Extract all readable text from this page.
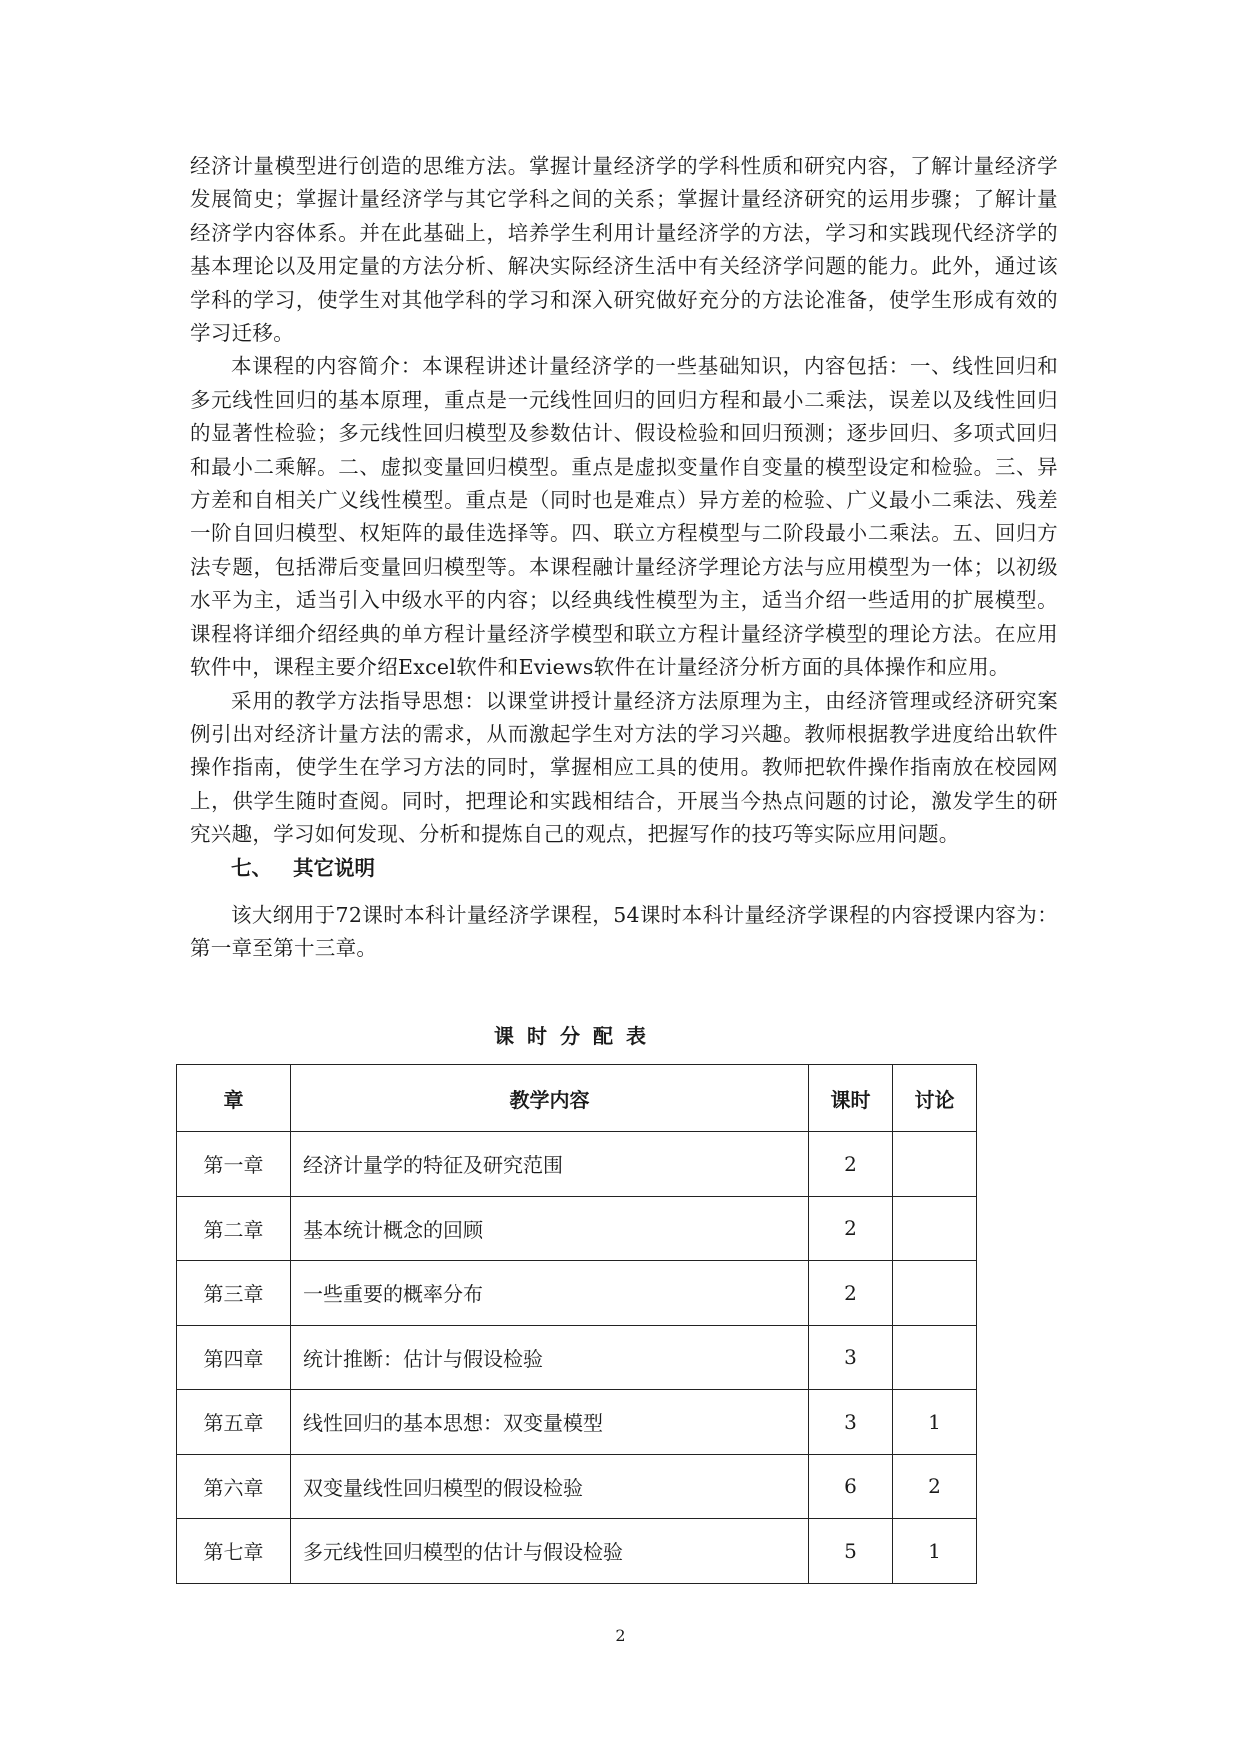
经济计量模型进行创造的思维方法。掌握计量经济学的学科性质和研究内容，了解计量经济学发展简史；掌握计量经济学与其它学科之间的关系；掌握计量经济研究的运用步骤；了解计量经济学内容体系。并在此基础上，培养学生利用计量经济学的方法，学习和实践现代经济学的基本理论以及用定量的方法分析、解决实际经济生活中有关经济学问题的能力。此外，通过该学科的学习，使学生对其他学科的学习和深入研究做好充分的方法论准备，使学生形成有效的学习迁移。

本课程的内容简介：本课程讲述计量经济学的一些基础知识，内容包括：一、线性回归和多元线性回归的基本原理，重点是一元线性回归的回归方程和最小二乘法，误差以及线性回归的显著性检验；多元线性回归模型及参数估计、假设检验和回归预测；逐步回归、多项式回归和最小二乘解。二、虚拟变量回归模型。重点是虚拟变量作自变量的模型设定和检验。三、异方差和自相关广义线性模型。重点是（同时也是难点）异方差的检验、广义最小二乘法、残差一阶自回归模型、权矩阵的最佳选择等。四、联立方程模型与二阶段最小二乘法。五、回归方法专题，包括滞后变量回归模型等。本课程融计量经济学理论方法与应用模型为一体；以初级水平为主，适当引入中级水平的内容；以经典线性模型为主，适当介绍一些适用的扩展模型。课程将详细介绍经典的单方程计量经济学模型和联立方程计量经济学模型的理论方法。在应用软件中，课程主要介绍Excel软件和Eviews软件在计量经济分析方面的具体操作和应用。

采用的教学方法指导思想：以课堂讲授计量经济方法原理为主，由经济管理或经济研究案例引出对经济计量方法的需求，从而激起学生对方法的学习兴趣。教师根据教学进度给出软件操作指南，使学生在学习方法的同时，掌握相应工具的使用。教师把软件操作指南放在校园网上，供学生随时查阅。同时，把理论和实践相结合，开展当今热点问题的讨论，激发学生的研究兴趣，学习如何发现、分析和提炼自己的观点，把握写作的技巧等实际应用问题。

七、 其它说明

该大纲用于72课时本科计量经济学课程，54课时本科计量经济学课程的内容授课内容为：第一章至第十三章。

课时分配表
章	教学内容	课时	讨论
第一章	经济计量学的特征及研究范围	2	
第二章	基本统计概念的回顾	2	
第三章	一些重要的概率分布	2	
第四章	统计推断：估计与假设检验	3	
第五章	线性回归的基本思想：双变量模型	3	1
第六章	双变量线性回归模型的假设检验	6	2
第七章	多元线性回归模型的估计与假设检验	5	1
2
